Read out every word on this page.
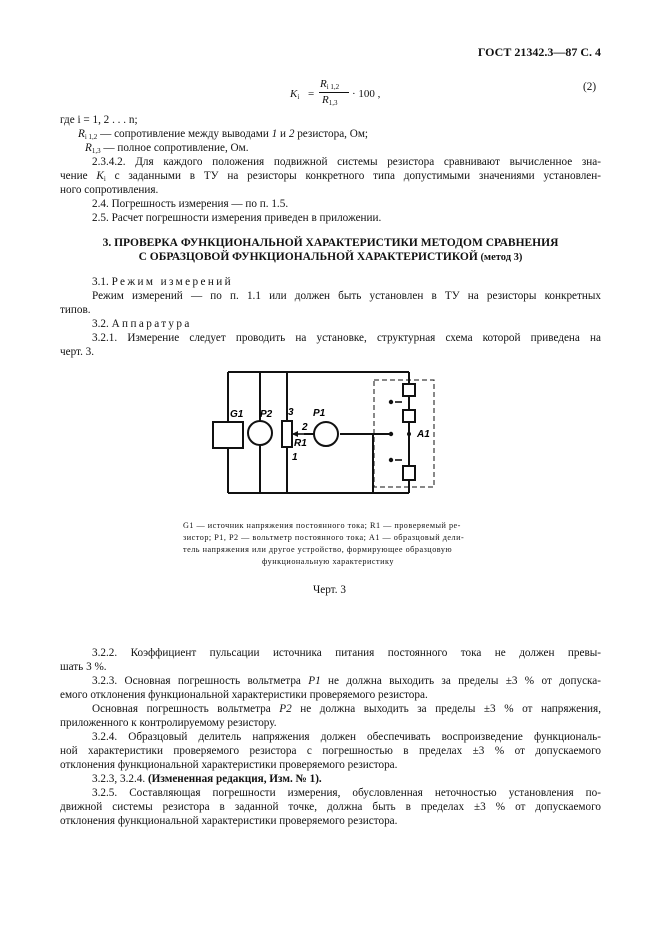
ГОСТ 21342.3—87 С. 4
$K_i$ =
$R_{i 1,2}$
$R_{1,3}$
· 100 ,
(2)
где i = 1, 2 . . . n;
$R_{i 1,2}$ — сопротивление между выводами 1 и 2 резистора, Ом;
$R_{1,3}$ — полное сопротивление, Ом.
2.3.4.2. Для каждого положения подвижной системы резистора сравнивают вычисленное зна-
чение $K_i$ с заданными в ТУ на резисторы конкретного типа допустимыми значениями установлен-
ного сопротивления.
2.4. Погрешность измерения — по п. 1.5.
2.5. Расчет погрешности измерения приведен в приложении.
3. ПРОВЕРКА ФУНКЦИОНАЛЬНОЙ ХАРАКТЕРИСТИКИ МЕТОДОМ СРАВНЕНИЯ
С ОБРАЗЦОВОЙ ФУНКЦИОНАЛЬНОЙ ХАРАКТЕРИСТИКОЙ (метод 3)
3.1. Режим измерений
Режим измерений — по п. 1.1 или должен быть установлен в ТУ на резисторы конкретных
типов.
3.2. Аппаратура
3.2.1. Измерение следует проводить на установке, структурная схема которой приведена на
черт. 3.
G1 P2 3
2
R1
1
P1
A1
G1 — источник напряжения постоянного тока; R1 — проверяемый ре-
зистор; P1, P2 — вольтметр постоянного тока; A1 — образцовый дели-
тель напряжения или другое устройство, формирующее образцовую
функциональную характеристику
Черт. 3
3.2.2. Коэффициент пульсации источника питания постоянного тока не должен превы-
шать 3 %.
3.2.3. Основная погрешность вольтметра P1 не должна выходить за пределы ±3 % от допуска-
емого отклонения функциональной характеристики проверяемого резистора.
Основная погрешность вольтметра P2 не должна выходить за пределы ±3 % от напряжения,
приложенного к контролируемому резистору.
3.2.4. Образцовый делитель напряжения должен обеспечивать воспроизведение функциональ-
ной характеристики проверяемого резистора с погрешностью в пределах ±3 % от допускаемого
отклонения функциональной характеристики проверяемого резистора.
3.2.3, 3.2.4. (Измененная редакция, Изм. № 1).
3.2.5. Составляющая погрешности измерения, обусловленная неточностью установления по-
движной системы резистора в заданной точке, должна быть в пределах ±3 % от допускаемого
отклонения функциональной характеристики проверяемого резистора.
